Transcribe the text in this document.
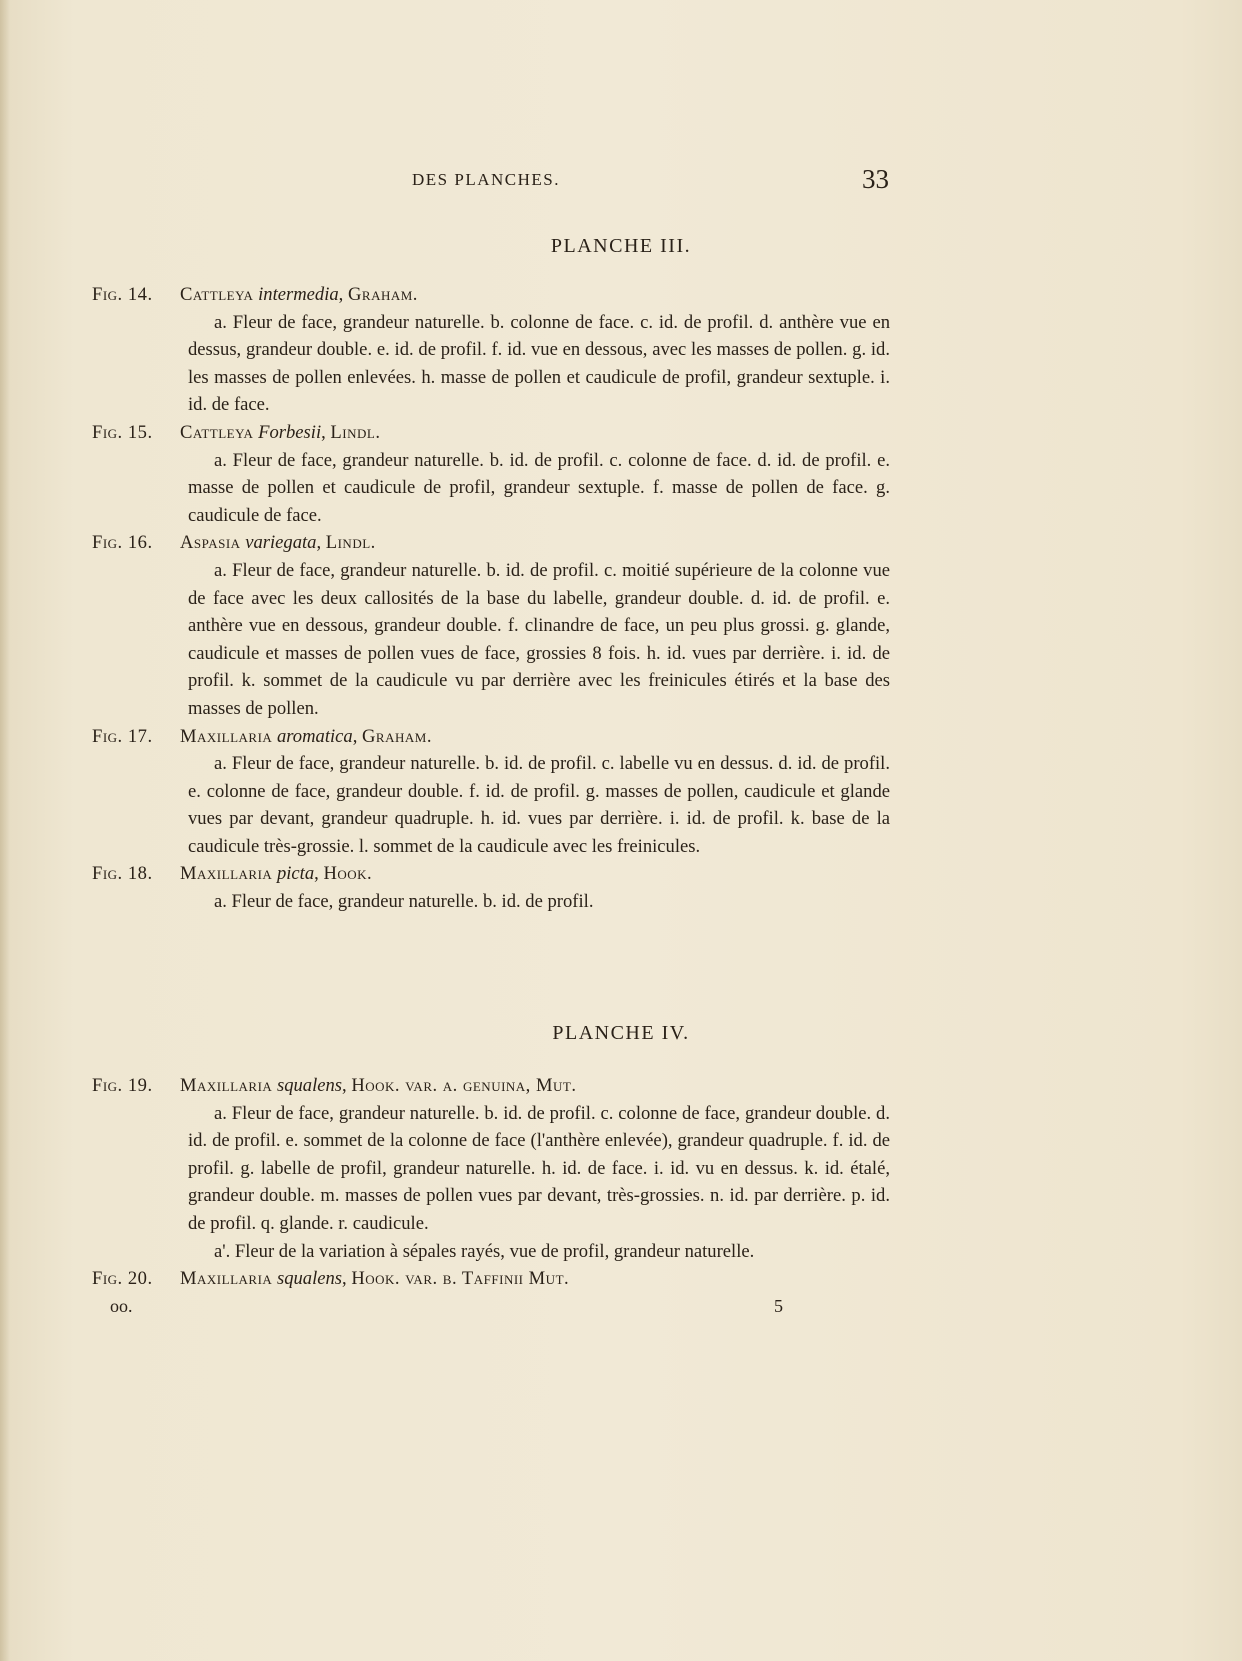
DES PLANCHES.	33
PLANCHE III.
Fig. 14.	Cattleya intermedia, Graham.
a. Fleur de face, grandeur naturelle. b. colonne de face. c. id. de profil. d. anthère vue en dessus, grandeur double. e. id. de profil. f. id. vue en dessous, avec les masses de pollen. g. id. les masses de pollen enlevées. h. masse de pollen et caudicule de profil, grandeur sextuple. i. id. de face.
Fig. 15.	Cattleya Forbesii, Lindl.
a. Fleur de face, grandeur naturelle. b. id. de profil. c. colonne de face. d. id. de profil. e. masse de pollen et caudicule de profil, grandeur sextuple. f. masse de pollen de face. g. caudicule de face.
Fig. 16.	Aspasia variegata, Lindl.
a. Fleur de face, grandeur naturelle. b. id. de profil. c. moitié supérieure de la colonne vue de face avec les deux callosités de la base du labelle, grandeur double. d. id. de profil. e. anthère vue en dessous, grandeur double. f. clinandre de face, un peu plus grossi. g. glande, caudicule et masses de pollen vues de face, grossies 8 fois. h. id. vues par derrière. i. id. de profil. k. sommet de la caudicule vu par derrière avec les freinicules étirés et la base des masses de pollen.
Fig. 17.	Maxillaria aromatica, Graham.
a. Fleur de face, grandeur naturelle. b. id. de profil. c. labelle vu en dessus. d. id. de profil. e. colonne de face, grandeur double. f. id. de profil. g. masses de pollen, caudicule et glande vues par devant, grandeur quadruple. h. id. vues par derrière. i. id. de profil. k. base de la caudicule très-grossie. l. sommet de la caudicule avec les freinicules.
Fig. 18.	Maxillaria picta, Hook.
a. Fleur de face, grandeur naturelle. b. id. de profil.
PLANCHE IV.
Fig. 19.	Maxillaria squalens, Hook. var. a. genuina, Mut.
a. Fleur de face, grandeur naturelle. b. id. de profil. c. colonne de face, grandeur double. d. id. de profil. e. sommet de la colonne de face (l'anthère enlevée), grandeur quadruple. f. id. de profil. g. labelle de profil, grandeur naturelle. h. id. de face. i. id. vu en dessus. k. id. étalé, grandeur double. m. masses de pollen vues par devant, très-grossies. n. id. par derrière. p. id. de profil. q. glande. r. caudicule.
a'. Fleur de la variation à sépales rayés, vue de profil, grandeur naturelle.
Fig. 20.	Maxillaria squalens, Hook. var. b. Taffinii Mut.
oo.	5
